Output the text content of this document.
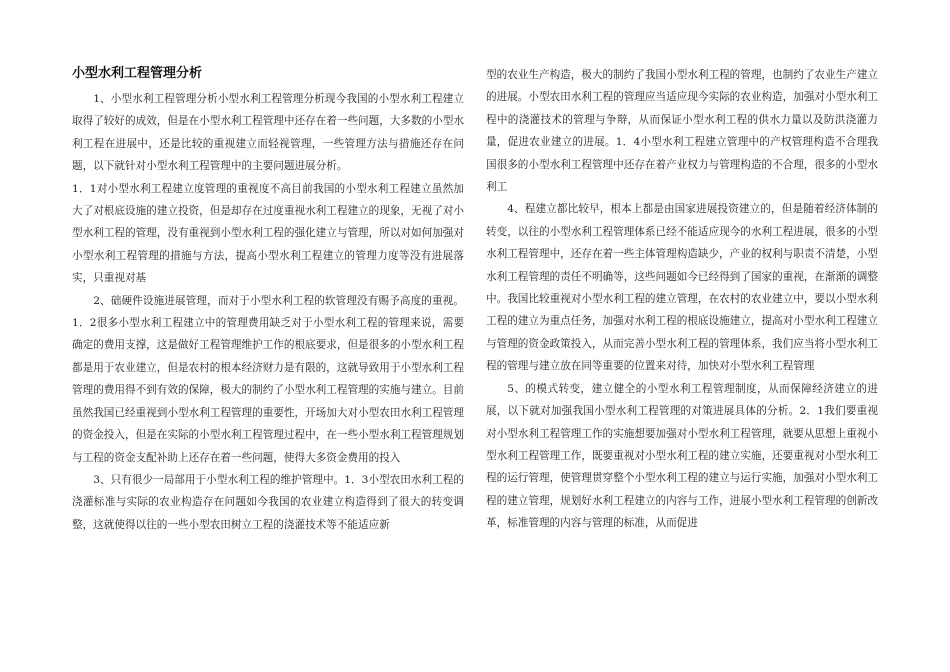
小型水利工程管理分析

1、小型水利工程管理分析小型水利工程管理分析现今我国的小型水利工程建立取得了较好的成效，但是在小型水利工程管理中还存在着一些问题，大多数的小型水利工程在进展中，还是比较的重视建立而轻视管理，一些管理方法与措施还存在问题，以下就针对小型水利工程管理中的主要问题进展分析。

1．1对小型水利工程建立度管理的重视度不高目前我国的小型水利工程建立虽然加大了对根底设施的建立投资，但是却存在过度重视水利工程建立的现象，无视了对小型水利工程的管理，没有重视到小型水利工程的强化建立与管理，所以对如何加强对小型水利工程管理的措施与方法，提高小型水利工程建立的管理力度等没有进展落实，只重视对基

2、础硬件设施进展管理，而对于小型水利工程的软管理没有赐予高度的重视。1．2很多小型水利工程建立中的管理费用缺乏对于小型水利工程的管理来说，需要确定的费用支撑，这是做好工程管理维护工作的根底要求，但是很多的小型水利工程都是用于农业建立，但是农村的根本经济财力是有限的，这就导致用于小型水利工程管理的费用得不到有效的保障，极大的制约了小型水利工程管理的实施与建立。目前虽然我国已经重视到小型水利工程管理的重要性，开场加大对小型农田水利工程管理的资金投入，但是在实际的小型水利工程管理过程中，在一些小型水利工程管理规划与工程的资金支配补助上还存在着一些问题，使得大多资金费用的投入

3、只有很少一局部用于小型水利工程的维护管理中。1．3小型农田水利工程的浇灌标准与实际的农业构造存在问题如今我国的农业建立构造得到了很大的转变调整，这就使得以往的一些小型农田树立工程的浇灌技术等不能适应新

型的农业生产构造，极大的制约了我国小型水利工程的管理，也制约了农业生产建立的进展。小型农田水利工程的管理应当适应现今实际的农业构造，加强对小型水利工程中的浇灌技术的管理与争辩，从而保证小型水利工程的供水力量以及防洪浇灌力量，促进农业建立的进展。1．4小型水利工程建立管理中的产权管理构造不合理我国很多的小型水利工程管理中还存在着产业权力与管理构造的不合理，很多的小型水利工

4、程建立都比较早，根本上都是由国家进展投资建立的，但是随着经济体制的转变，以往的小型水利工程管理体系已经不能适应现今的水利工程进展，很多的小型水利工程管理中，还存在着一些主体管理构造缺少，产业的权利与职责不清楚，小型水利工程管理的责任不明确等，这些问题如今已经得到了国家的重视，在渐渐的调整中。我国比较重视对小型水利工程的建立管理，在农村的农业建立中，要以小型水利工程的建立为重点任务，加强对水利工程的根底设施建立，提高对小型水利工程建立与管理的资金政策投入，从而完善小型水利工程的管理体系，我们应当将小型水利工程的管理与建立放在同等重要的位置来对待，加快对小型水利工程管理

5、的模式转变，建立健全的小型水利工程管理制度，从而保障经济建立的进展，以下就对加强我国小型水利工程管理的对策进展具体的分析。2．1我们要重视对小型水利工程管理工作的实施想要加强对小型水利工程管理，就要从思想上重视小型水利工程管理工作，既要重视对小型水利工程的建立实施，还要重视对小型水利工程的运行管理，使管理贯穿整个小型水利工程的建立与运行实施，加强对小型水利工程的建立管理，规划好水利工程建立的内容与工作，进展小型水利工程管理的创新改革，标准管理的内容与管理的标准，从而促进
